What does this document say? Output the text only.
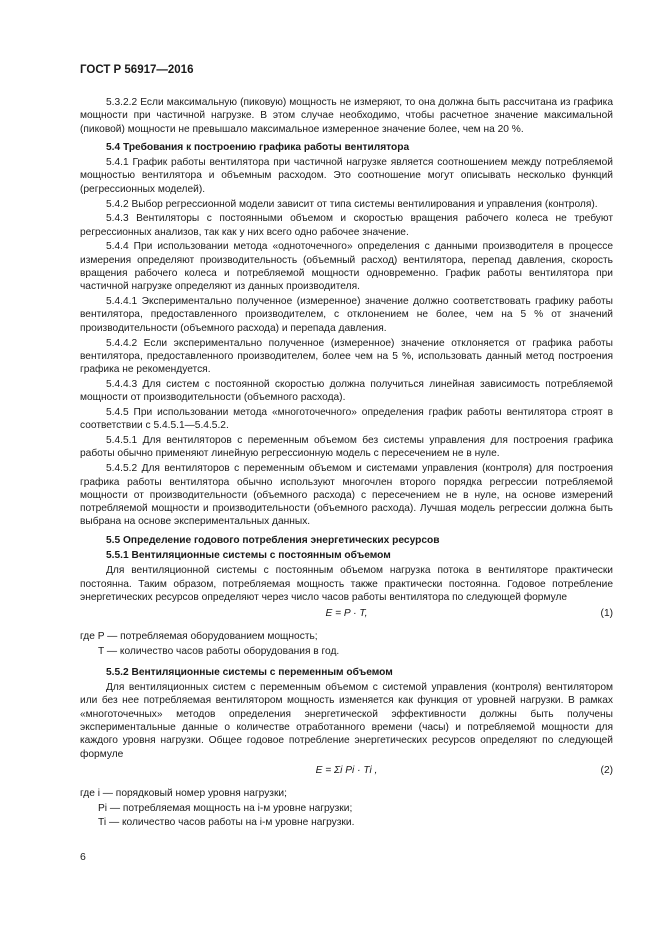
ГОСТ Р 56917—2016

5.3.2.2 Если максимальную (пиковую) мощность не измеряют, то она должна быть рассчитана из графика мощности при частичной нагрузке. В этом случае необходимо, чтобы расчетное значение максимальной (пиковой) мощности не превышало максимальное измеренное значение более, чем на 20 %.

5.4 Требования к построению графика работы вентилятора

5.4.1 График работы вентилятора при частичной нагрузке является соотношением между потребляемой мощностью вентилятора и объемным расходом. Это соотношение могут описывать несколько функций (регрессионных моделей).

5.4.2 Выбор регрессионной модели зависит от типа системы вентилирования и управления (контроля).

5.4.3 Вентиляторы с постоянными объемом и скоростью вращения рабочего колеса не требуют регрессионных анализов, так как у них всего одно рабочее значение.

5.4.4 При использовании метода «одноточечного» определения с данными производителя в процессе измерения определяют производительность (объемный расход) вентилятора, перепад давления, скорость вращения рабочего колеса и потребляемой мощности одновременно. График работы вентилятора при частичной нагрузке определяют из данных производителя.

5.4.4.1 Экспериментально полученное (измеренное) значение должно соответствовать графику работы вентилятора, предоставленного производителем, с отклонением не более, чем на 5 % от значений производительности (объемного расхода) и перепада давления.

5.4.4.2 Если экспериментально полученное (измеренное) значение отклоняется от графика работы вентилятора, предоставленного производителем, более чем на 5 %, использовать данный метод построения графика не рекомендуется.

5.4.4.3 Для систем с постоянной скоростью должна получиться линейная зависимость потребляемой мощности от производительности (объемного расхода).

5.4.5 При использовании метода «многоточечного» определения график работы вентилятора строят в соответствии с 5.4.5.1—5.4.5.2.

5.4.5.1 Для вентиляторов с переменным объемом без системы управления для построения графика работы обычно применяют линейную регрессионную модель с пересечением не в нуле.

5.4.5.2 Для вентиляторов с переменным объемом и системами управления (контроля) для построения графика работы вентилятора обычно используют многочлен второго порядка регрессии потребляемой мощности от производительности (объемного расхода) с пересечением не в нуле, на основе измерений потребляемой мощности и производительности (объемного расхода). Лучшая модель регрессии должна быть выбрана на основе экспериментальных данных.

5.5 Определение годового потребления энергетических ресурсов
5.5.1 Вентиляционные системы с постоянным объемом

Для вентиляционной системы с постоянным объемом нагрузка потока в вентиляторе практически постоянна. Таким образом, потребляемая мощность также практически постоянна. Годовое потребление энергетических ресурсов определяют через число часов работы вентилятора по следующей формуле

E = P · T,	(1)
где P — потребляемая оборудованием мощность;
T — количество часов работы оборудования в год.
5.5.2 Вентиляционные системы с переменным объемом

Для вентиляционных систем с переменным объемом с системой управления (контроля) вентилятором или без нее потребляемая вентилятором мощность изменяется как функция от уровней нагрузки. В рамках «многоточечных» методов определения энергетической эффективности должны быть получены экспериментальные данные о количестве отработанного времени (часы) и потребляемой мощности для каждого уровня нагрузки. Общее годовое потребление энергетических ресурсов определяют по следующей формуле

E = Σi Pi · Ti ,	(2)
где i — порядковый номер уровня нагрузки;
Pi — потребляемая мощность на i-м уровне нагрузки;
Ti — количество часов работы на i-м уровне нагрузки.
6
